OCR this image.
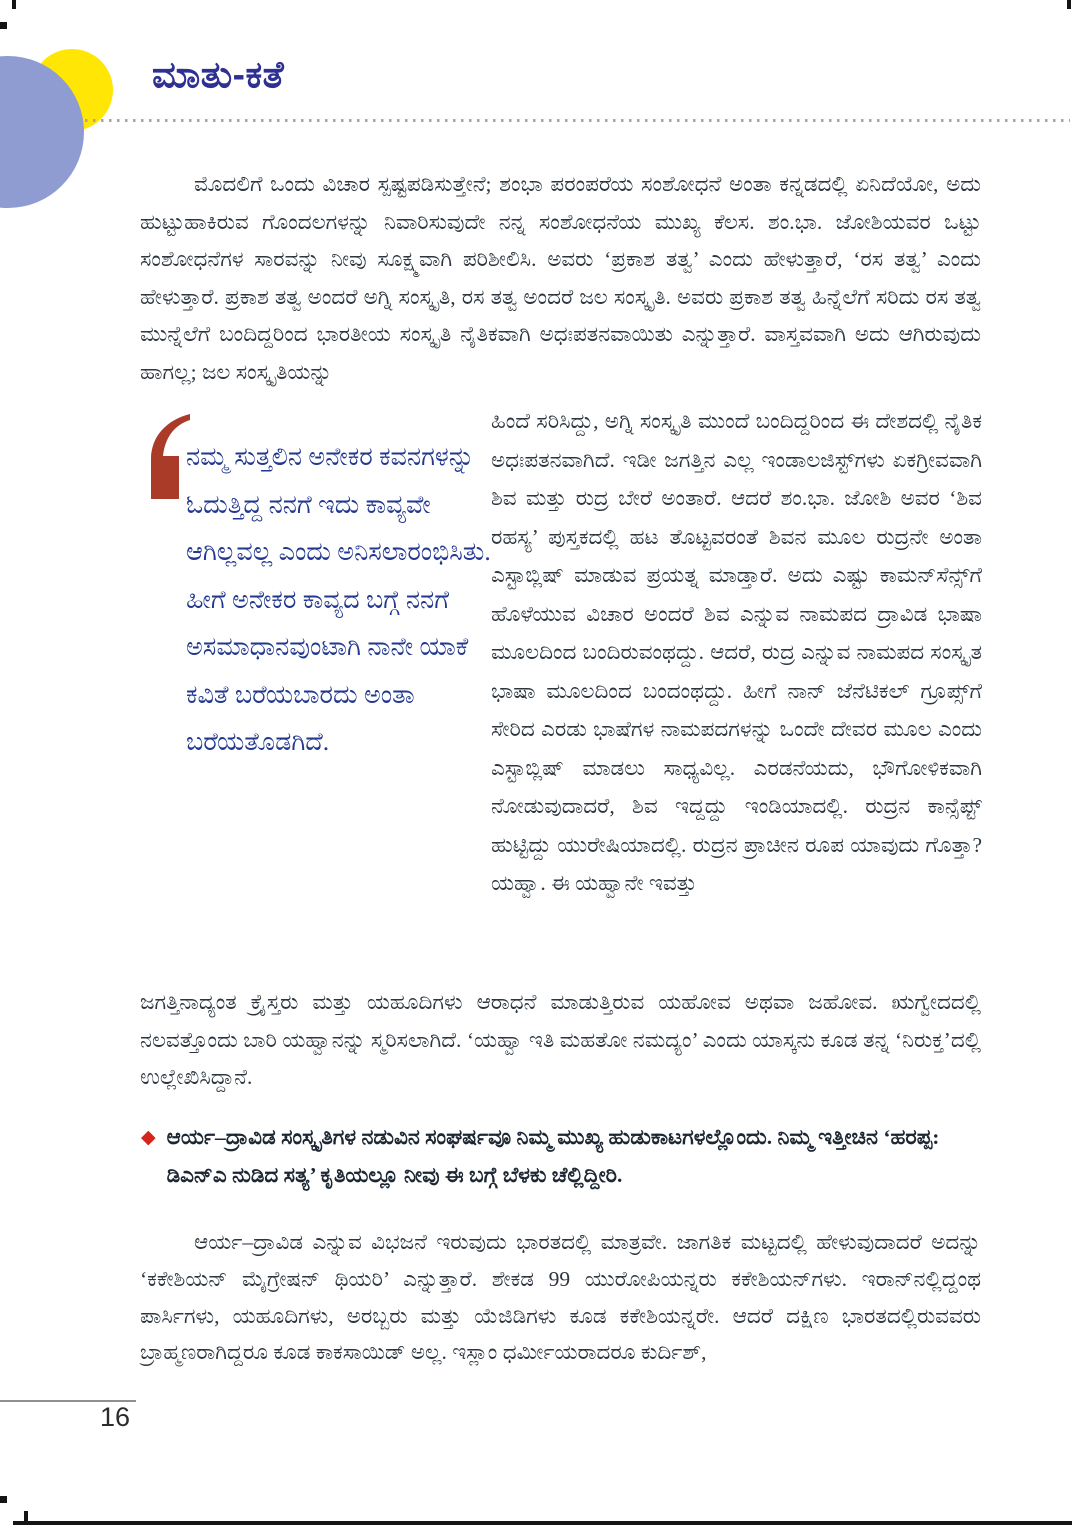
ಮಾತು-ಕತೆ
ಮೊದಲಿಗೆ ಒಂದು ವಿಚಾರ ಸ್ಪಷ್ಟಪಡಿಸುತ್ತೇನೆ; ಶಂಭಾ ಪರಂಪರೆಯ ಸಂಶೋಧನೆ ಅಂತಾ ಕನ್ನಡದಲ್ಲಿ ಏನಿದೆಯೋ, ಅದು ಹುಟ್ಟುಹಾಕಿರುವ ಗೊಂದಲಗಳನ್ನು ನಿವಾರಿಸುವುದೇ ನನ್ನ ಸಂಶೋಧನೆಯ ಮುಖ್ಯ ಕೆಲಸ. ಶಂ.ಭಾ. ಜೋಶಿಯವರ ಒಟ್ಟು ಸಂಶೋಧನೆಗಳ ಸಾರವನ್ನು ನೀವು ಸೂಕ್ಷ್ಮವಾಗಿ ಪರಿಶೀಲಿಸಿ. ಅವರು ‘ಪ್ರಕಾಶ ತತ್ವ’ ಎಂದು ಹೇಳುತ್ತಾರೆ, ‘ರಸ ತತ್ವ’ ಎಂದು ಹೇಳುತ್ತಾರೆ. ಪ್ರಕಾಶ ತತ್ವ ಅಂದರೆ ಅಗ್ನಿ ಸಂಸ್ಕೃತಿ, ರಸ ತತ್ವ ಅಂದರೆ ಜಲ ಸಂಸ್ಕೃತಿ. ಅವರು ಪ್ರಕಾಶ ತತ್ವ ಹಿನ್ನೆಲೆಗೆ ಸರಿದು ರಸ ತತ್ವ ಮುನ್ನೆಲೆಗೆ ಬಂದಿದ್ದರಿಂದ ಭಾರತೀಯ ಸಂಸ್ಕೃತಿ ನೈತಿಕವಾಗಿ ಅಧಃಪತನವಾಯಿತು ಎನ್ನುತ್ತಾರೆ. ವಾಸ್ತವವಾಗಿ ಅದು ಆಗಿರುವುದು ಹಾಗಲ್ಲ; ಜಲ ಸಂಸ್ಕೃತಿಯನ್ನು
ನಮ್ಮ ಸುತ್ತಲಿನ ಅನೇಕರ ಕವನಗಳನ್ನು ಓದುತ್ತಿದ್ದ ನನಗೆ ಇದು ಕಾವ್ಯವೇ ಆಗಿಲ್ಲವಲ್ಲ ಎಂದು ಅನಿಸಲಾರಂಭಿಸಿತು. ಹೀಗೆ ಅನೇಕರ ಕಾವ್ಯದ ಬಗ್ಗೆ ನನಗೆ ಅಸಮಾಧಾನವುಂಟಾಗಿ ನಾನೇ ಯಾಕೆ ಕವಿತೆ ಬರೆಯಬಾರದು ಅಂತಾ ಬರೆಯತೊಡಗಿದೆ.
ಹಿಂದೆ ಸರಿಸಿದ್ದು, ಅಗ್ನಿ ಸಂಸ್ಕೃತಿ ಮುಂದೆ ಬಂದಿದ್ದರಿಂದ ಈ ದೇಶದಲ್ಲಿ ನೈತಿಕ ಅಧಃಪತನವಾಗಿದೆ. ಇಡೀ ಜಗತ್ತಿನ ಎಲ್ಲ ಇಂಡಾಲಜಿಸ್ಟ್‌ಗಳು ಏಕಗ್ರೀವವಾಗಿ ಶಿವ ಮತ್ತು ರುದ್ರ ಬೇರೆ ಅಂತಾರೆ. ಆದರೆ ಶಂ.ಭಾ. ಜೋಶಿ ಅವರ ‘ಶಿವ ರಹಸ್ಯ’ ಪುಸ್ತಕದಲ್ಲಿ ಹಟ ತೊಟ್ಟವರಂತೆ ಶಿವನ ಮೂಲ ರುದ್ರನೇ ಅಂತಾ ಎಸ್ಟಾಬ್ಲಿಷ್ ಮಾಡುವ ಪ್ರಯತ್ನ ಮಾಡ್ತಾರೆ. ಅದು ಎಷ್ಟು ಕಾಮನ್‌ಸೆನ್ಸ್‌ಗೆ ಹೊಳೆಯುವ ವಿಚಾರ ಅಂದರೆ ಶಿವ ಎನ್ನುವ ನಾಮಪದ ದ್ರಾವಿಡ ಭಾಷಾ ಮೂಲದಿಂದ ಬಂದಿರುವಂಥದ್ದು. ಆದರೆ, ರುದ್ರ ಎನ್ನುವ ನಾಮಪದ ಸಂಸ್ಕೃತ ಭಾಷಾ ಮೂಲದಿಂದ ಬಂದಂಥದ್ದು. ಹೀಗೆ ನಾನ್ ಜೆನೆಟಿಕಲ್ ಗ್ರೂಪ್ಸ್‌ಗೆ ಸೇರಿದ ಎರಡು ಭಾಷೆಗಳ ನಾಮಪದಗಳನ್ನು ಒಂದೇ ದೇವರ ಮೂಲ ಎಂದು ಎಸ್ಟಾಬ್ಲಿಷ್ ಮಾಡಲು ಸಾಧ್ಯವಿಲ್ಲ. ಎರಡನೆಯದು, ಭೌಗೋಳಿಕವಾಗಿ ನೋಡುವುದಾದರೆ, ಶಿವ ಇದ್ದದ್ದು ಇಂಡಿಯಾದಲ್ಲಿ. ರುದ್ರನ ಕಾನ್ಸೆಪ್ಟ್ ಹುಟ್ಟಿದ್ದು ಯುರೇಷಿಯಾದಲ್ಲಿ. ರುದ್ರನ ಪ್ರಾಚೀನ ರೂಪ ಯಾವುದು ಗೊತ್ತಾ? ಯಹ್ವಾ. ಈ ಯಹ್ವಾನೇ ಇವತ್ತು
ಜಗತ್ತಿನಾದ್ಯಂತ ಕ್ರೈಸ್ತರು ಮತ್ತು ಯಹೂದಿಗಳು ಆರಾಧನೆ ಮಾಡುತ್ತಿರುವ ಯಹೋವ ಅಥವಾ ಜಹೋವ. ಋಗ್ವೇದದಲ್ಲಿ ನಲವತ್ತೊಂದು ಬಾರಿ ಯಹ್ವಾನನ್ನು ಸ್ಮರಿಸಲಾಗಿದೆ. ‘ಯಹ್ವಾ ಇತಿ ಮಹತೋ ನಮದ್ಯಂ’ ಎಂದು ಯಾಸ್ಕನು ಕೂಡ ತನ್ನ ‘ನಿರುಕ್ತ’ದಲ್ಲಿ ಉಲ್ಲೇಖಿಸಿದ್ದಾನೆ.
◆ ಆರ್ಯ–ದ್ರಾವಿಡ ಸಂಸ್ಕೃತಿಗಳ ನಡುವಿನ ಸಂಘರ್ಷವೂ ನಿಮ್ಮ ಮುಖ್ಯ ಹುಡುಕಾಟಗಳಲ್ಲೊಂದು. ನಿಮ್ಮ ಇತ್ತೀಚಿನ ‘ಹರಪ್ಪ: ಡಿಎನ್‌ಎ ನುಡಿದ ಸತ್ಯ’ ಕೃತಿಯಲ್ಲೂ ನೀವು ಈ ಬಗ್ಗೆ ಬೆಳಕು ಚೆಲ್ಲಿದ್ದೀರಿ.
ಆರ್ಯ–ದ್ರಾವಿಡ ಎನ್ನುವ ವಿಭಜನೆ ಇರುವುದು ಭಾರತದಲ್ಲಿ ಮಾತ್ರವೇ. ಜಾಗತಿಕ ಮಟ್ಟದಲ್ಲಿ ಹೇಳುವುದಾದರೆ ಅದನ್ನು ‘ಕಕೇಶಿಯನ್ ಮೈಗ್ರೇಷನ್ ಥಿಯರಿ’ ಎನ್ನುತ್ತಾರೆ. ಶೇಕಡ 99 ಯುರೋಪಿಯನ್ನರು ಕಕೇಶಿಯನ್‌ಗಳು. ಇರಾನ್‌ನಲ್ಲಿದ್ದಂಥ ಪಾರ್ಸಿಗಳು, ಯಹೂದಿಗಳು, ಅರಬ್ಬರು ಮತ್ತು ಯೆಜಿಡಿಗಳು ಕೂಡ ಕಕೇಶಿಯನ್ನರೇ. ಆದರೆ ದಕ್ಷಿಣ ಭಾರತದಲ್ಲಿರುವವರು ಬ್ರಾಹ್ಮಣರಾಗಿದ್ದರೂ ಕೂಡ ಕಾಕಸಾಯಿಡ್ ಅಲ್ಲ. ಇಸ್ಲಾಂ ಧರ್ಮೀಯರಾದರೂ ಕುರ್ದಿಶ್,
16
